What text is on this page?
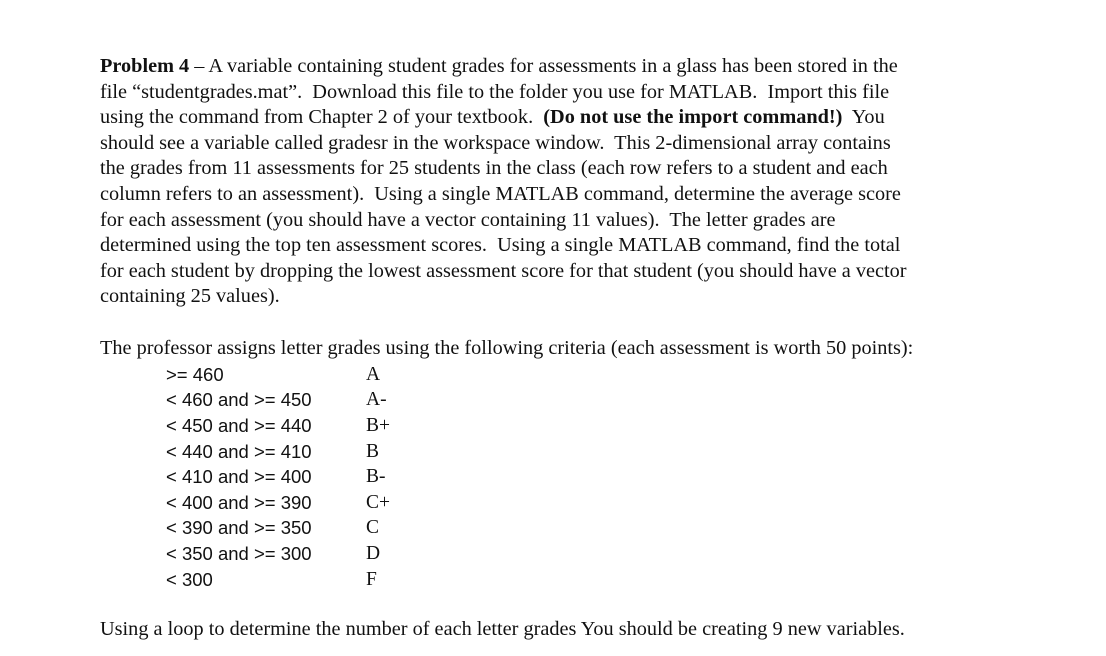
Problem 4 – A variable containing student grades for assessments in a glass has been stored in the
file “studentgrades.mat”.  Download this file to the folder you use for MATLAB.  Import this file
using the command from Chapter 2 of your textbook.  (Do not use the import command!)  You
should see a variable called gradesr in the workspace window.  This 2-dimensional array contains
the grades from 11 assessments for 25 students in the class (each row refers to a student and each
column refers to an assessment).  Using a single MATLAB command, determine the average score
for each assessment (you should have a vector containing 11 values).  The letter grades are
determined using the top ten assessment scores.  Using a single MATLAB command, find the total
for each student by dropping the lowest assessment score for that student (you should have a vector
containing 25 values).

The professor assigns letter grades using the following criteria (each assessment is worth 50 points):

>= 460	A
< 460 and >= 450	A-
< 450 and >= 440	B+
< 440 and >= 410	B
< 410 and >= 400	B-
< 400 and >= 390	C+
< 390 and >= 350	C
< 350 and >= 300	D
< 300	F

Using a loop to determine the number of each letter grades You should be creating 9 new variables.
